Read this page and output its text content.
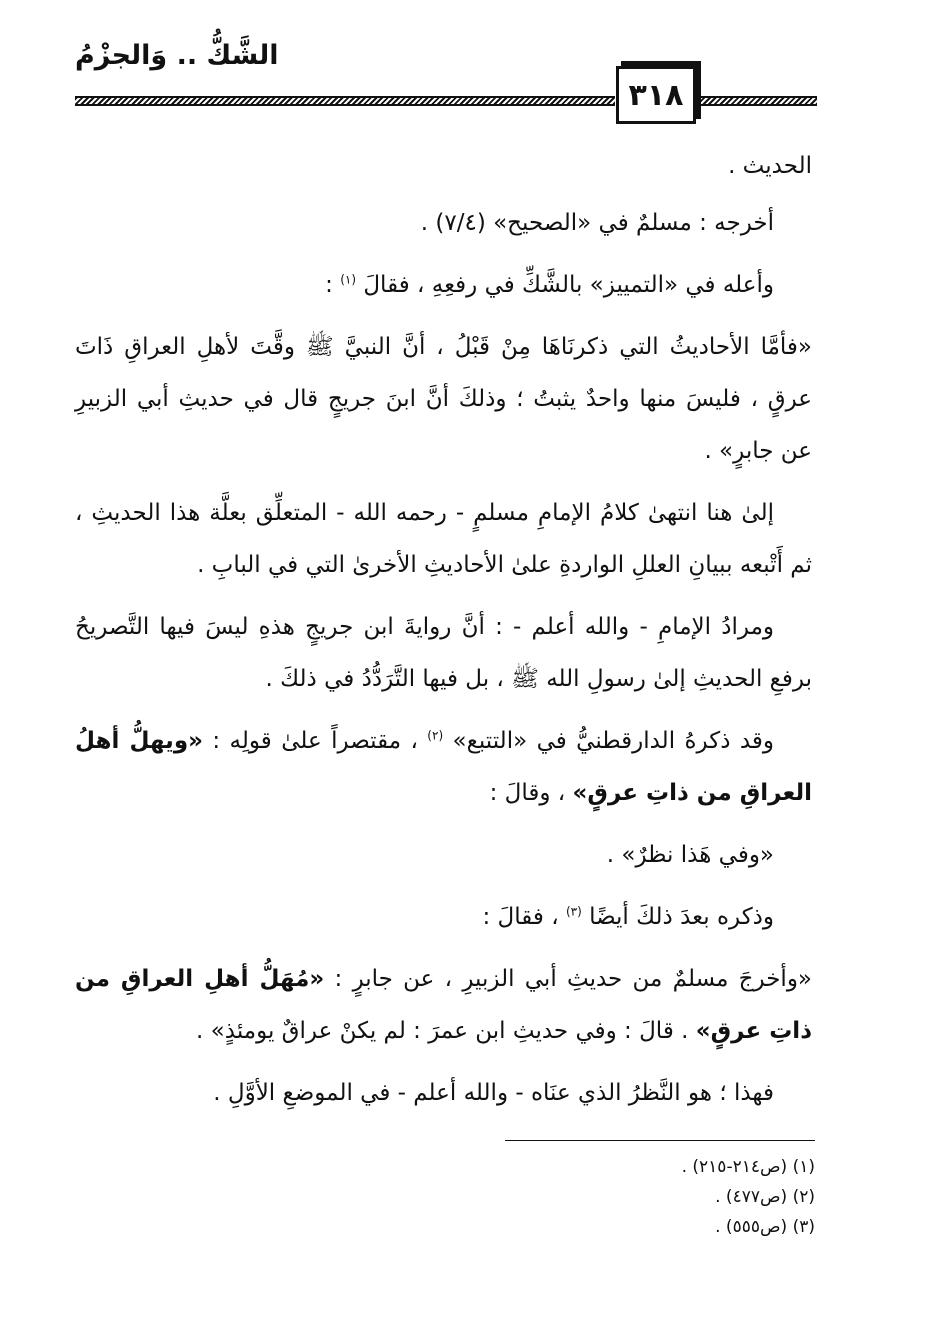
الشَّكُّ .. وَالجزْمُ
٣١٨

الحديث .

أخرجه : مسلمٌ في «الصحيح» (٧/٤) .

وأعله في «التمييز» بالشَّكِّ في رفعِهِ ، فقالَ $^{(١)}$ :

«فأمَّا الأحاديثُ التي ذكرنَاهَا مِنْ قَبْلُ ، أنَّ النبيَّ ﷺ وقَّتَ لأهلِ العراقِ ذَاتَ عرقٍ ، فليسَ منها واحدٌ يثبتُ ؛ وذلكَ أنَّ ابنَ جريجٍ قال في حديثِ أبي الزبيرِ عن جابرٍ» .

إلىٰ هنا انتهىٰ كلامُ الإمامِ مسلمٍ - رحمه الله - المتعلِّق بعلَّة هذا الحديثِ ، ثم أَتْبعه ببيانِ العللِ الواردةِ علىٰ الأحاديثِ الأخرىٰ التي في البابِ .

ومرادُ الإمامِ - والله أعلم - : أنَّ روايةَ ابن جريجٍ هذهِ ليسَ فيها التَّصريحُ برفعِ الحديثِ إلىٰ رسولِ الله ﷺ ، بل فيها التَّرَدُّدُ في ذلكَ .

وقد ذكرهُ الدارقطنيُّ في «التتبع» $^{(٢)}$ ، مقتصراً علىٰ قولِه : «ويهلُّ أهلُ العراقِ من ذاتِ عرقٍ» ، وقالَ :

«وفي هَذا نظرٌ» .

وذكره بعدَ ذلكَ أيضًا $^{(٣)}$ ، فقالَ :

«وأخرجَ مسلمٌ من حديثِ أبي الزبيرِ ، عن جابرٍ : «مُهَلُّ أهلِ العراقِ من ذاتِ عرقٍ» . قالَ : وفي حديثِ ابن عمرَ : لم يكنْ عراقٌ يومئذٍ» .

فهذا ؛ هو النَّظرُ الذي عنَاه - والله أعلم - في الموضعِ الأوَّلِ .

(١) (ص٢١٤-٢١٥) .
(٢) (ص٤٧٧) .
(٣) (ص٥٥٥) .
